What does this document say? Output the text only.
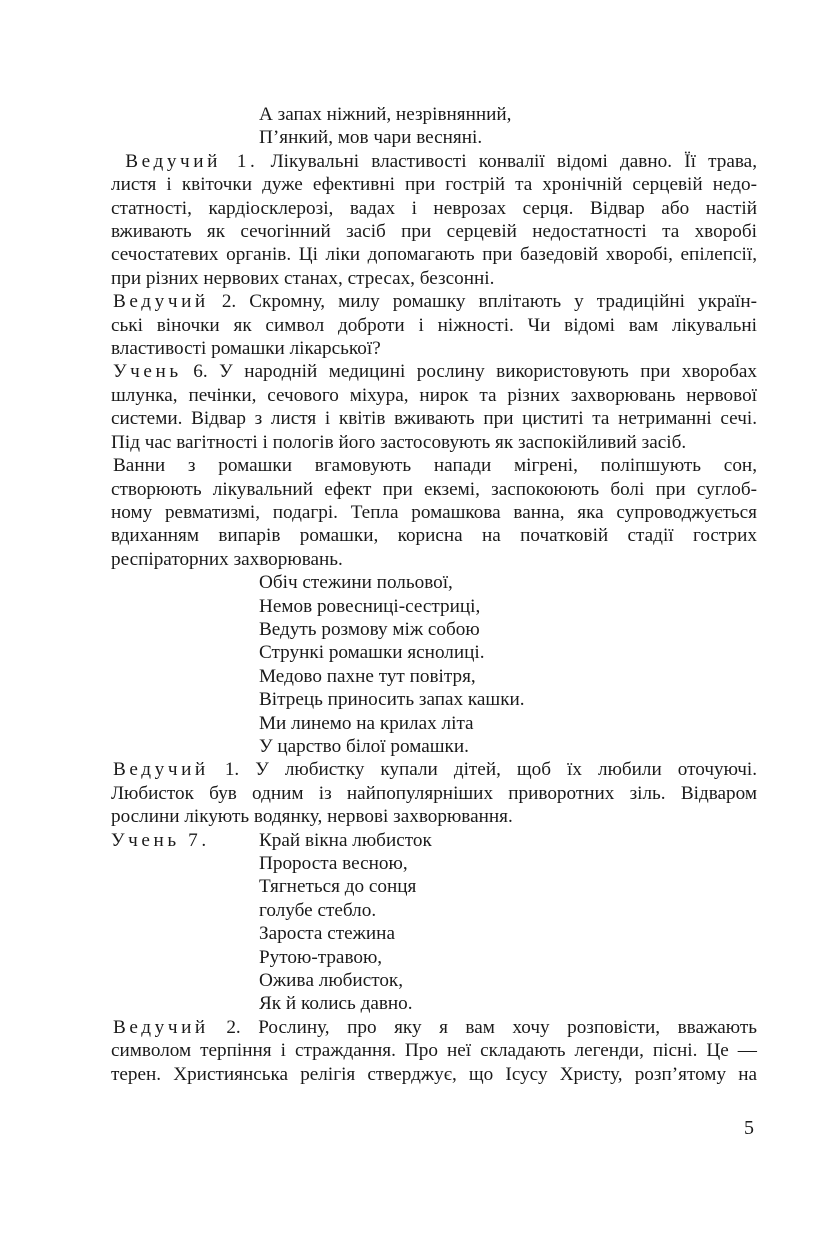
А запах ніжний, незрівнянний,
П’янкий, мов чари весняні.
Ведучий 1. Лікувальні властивості конвалії відомі давно. Її трава,
листя і квіточки дуже ефективні при гострій та хронічній серцевій недо-
статності, кардіосклерозі, вадах і неврозах серця. Відвар або настій
вживають як сечогінний засіб при серцевій недостатності та хворобі
сечостатевих органів. Ці ліки допомагають при базедовій хворобі, епілепсії,
при різних нервових станах, стресах, безсонні.
Ведучий 2. Скромну, милу ромашку вплітають у традиційні україн-
ські віночки як символ доброти і ніжності. Чи відомі вам лікувальні
властивості ромашки лікарської?
Учень 6. У народній медицині рослину використовують при хворобах
шлунка, печінки, сечового міхура, нирок та різних захворювань нервової
системи. Відвар з листя і квітів вживають при циститі та нетриманні сечі.
Під час вагітності і пологів його застосовують як заспокійливий засіб.
Ванни з ромашки вгамовують напади мігрені, поліпшують сон,
створюють лікувальний ефект при екземі, заспокоюють болі при суглоб-
ному ревматизмі, подагрі. Тепла ромашкова ванна, яка супроводжується
вдиханням випарів ромашки, корисна на початковій стадії гострих
респіраторних захворювань.
Обіч стежини польової,
Немов ровесниці-сестриці,
Ведуть розмову між собою
Стрункі ромашки яснолиці.
Медово пахне тут повітря,
Вітрець приносить запах кашки.
Ми линемо на крилах літа
У царство білої ромашки.
Ведучий 1. У любистку купали дітей, щоб їх любили оточуючі.
Любисток був одним із найпопулярніших приворотних зіль. Відваром
рослини лікують водянку, нервові захворювання.
Учень 7.	Край вікна любисток
Пророста весною,
Тягнеться до сонця
голубе стебло.
Зароста стежина
Рутою-травою,
Оживa любисток,
Як й колись давно.
Ведучий 2. Рослину, про яку я вам хочу розповісти, вважають
символом терпіння і страждання. Про неї складають легенди, пісні. Це —
терен. Християнська релігія стверджує, що Ісусу Христу, розп’ятому на
5
